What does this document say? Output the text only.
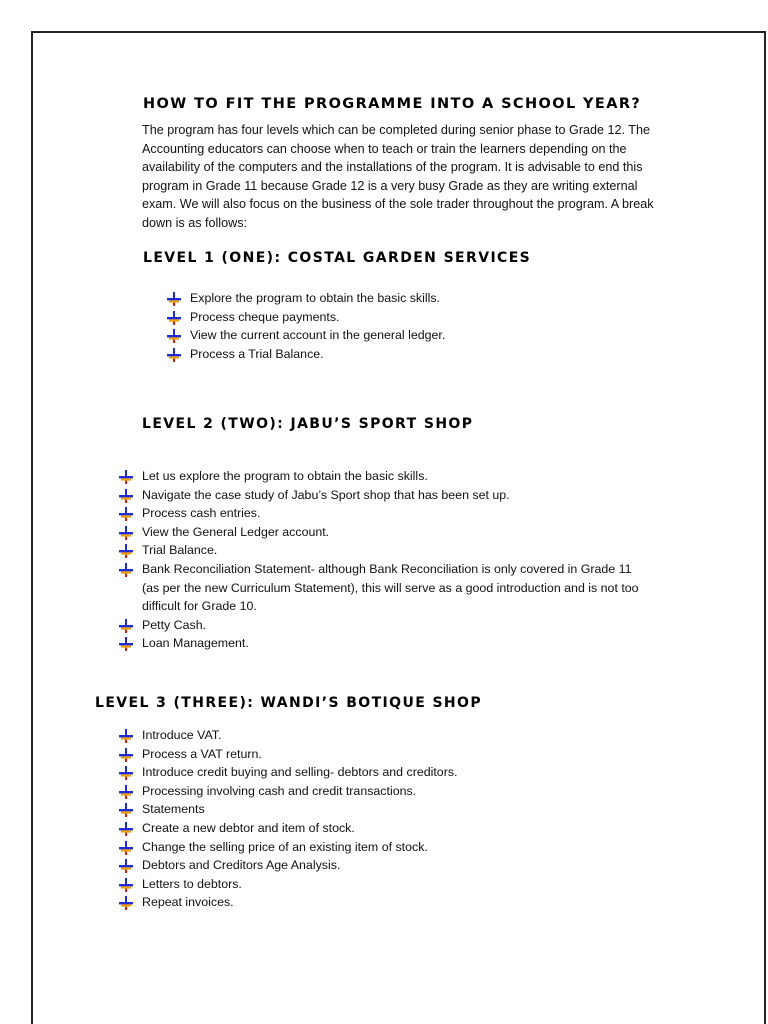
HOW TO FIT THE PROGRAMME INTO A SCHOOL YEAR?

The program has four levels which can be completed during senior phase to Grade 12. The Accounting educators can choose when to teach or train the learners depending on the availability of the computers and the installations of the program. It is advisable to end this program in Grade 11 because Grade 12 is a very busy Grade as they are writing external exam. We will also focus on the business of the sole trader throughout the program. A break down is as follows:

LEVEL 1 (ONE): COSTAL GARDEN SERVICES
Explore the program to obtain the basic skills.
Process cheque payments.
View the current account in the general ledger.
Process a Trial Balance.
LEVEL 2 (TWO): JABU’S SPORT SHOP
Let us explore the program to obtain the basic skills.
Navigate the case study of Jabu’s Sport shop that has been set up.
Process cash entries.
View the General Ledger account.
Trial Balance.
Bank Reconciliation Statement- although Bank Reconciliation is only covered in Grade 11 (as per the new Curriculum Statement), this will serve as a good introduction and is not too difficult for Grade 10.
Petty Cash.
Loan Management.
LEVEL 3 (THREE): WANDI’S BOTIQUE SHOP
Introduce VAT.
Process a VAT return.
Introduce credit buying and selling- debtors and creditors.
Processing involving cash and credit transactions.
Statements
Create a new debtor and item of stock.
Change the selling price of an existing item of stock.
Debtors and Creditors Age Analysis.
Letters to debtors.
Repeat invoices.
